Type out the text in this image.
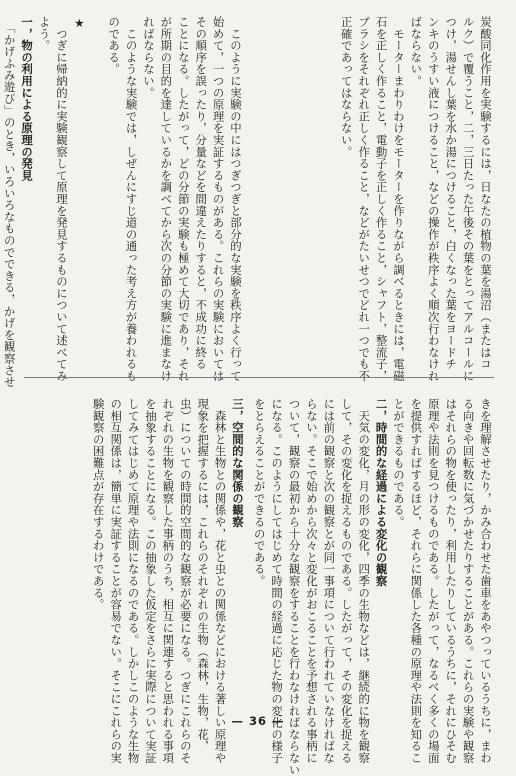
炭酸同化作用を実験するには，日なたの植物の葉を湯沼（またはコ
ルク）で覆うこと，二，三日たった午後その葉をとってアルコールに
つけ，湯せんし葉を水か湯につけること，白くなった葉をヨードチ
ンキのうすい液につけること，などの操作が秩序よく順次行わなけれ
ばならない。
　モーターまわりわけをモーターを作りながら調べるときには，電磁
石を正しく作ること，電動子を正しく作ること，シャフト，整流子，
ブラシをそれぞれ正しく作ること，などがたいせつでどれ一つでも不
正確であってはならない。
　このように実験の中にはつぎつぎと部分的な実験を秩序よく行って
始めて，一つの原理を実証するものがある。これらの実験においては
その順序を誤ったり，分量などを間違えたりすると，不成功に終る
ことになる。したがって，どの分節の実験も極めて大切であり，それ
が所期の目的を達しているかを調べてから次の分節の実験に進まなけ
ればならない。
　このような実験では，しぜんにすじ道の通った考え方が養われるも
のである。

★
　つぎに帰納的に実験観察して原理を発見するものについて述べてみ
よう。
一，物の利用による原理の発見
　「かげふみ遊び」のとき，いろいろなものでできる，かげを観察させ
きを理解させたり，かみ合わせた歯車をあやつっているうちに，まわ
る向きや回転数に気づかせたりすることがある。これらの実験や観察
はそれらの物を使ったり，利用したりしているうちに，それにひそむ
原理や法則を見つけるものである。したがって，なるべく多くの場面
を提供すればするほど，それらに関係した各種の原理や法則を知るこ
とができるものである。
二，時間的な経過による変化の観察
　天気の変化，月の形の変化，四季の生物などは，継続的に物を観察
して，その変化を捉えるものである。したがって，その変化を捉える
には前の観察と次の観察とが同一事項について行われていなければな
らない。そこで始めから次々と変化がおこることを予想される事柄に
ついて，観察の最初から十分な観察をすることを行わなければならない
になる。このようにしてはじめて時間の経過に応じた物の変化の様子
をとらえることができるのである。
三，空間的な関係の観察
　森林と生物との関係や，花と虫との関係などにおける著しい原理や
現象を把握するには，これらのそれぞれの生物（森林，生物，花，
虫）についての時間的空間的な観察が必要になる。つぎにこれらのそ
れぞれの生物を観察した事柄のうち，相互に関連すると思われる事項
を抽象することになる。この抽象した仮定をさらに実際について実証
してみてはじめて原理や法則になるのである。しかしこのような生物
の相互関係は，簡単に実証することが容易でない。そこにこれらの実
験観察の困難点が存在するわけである。
— 36 —
